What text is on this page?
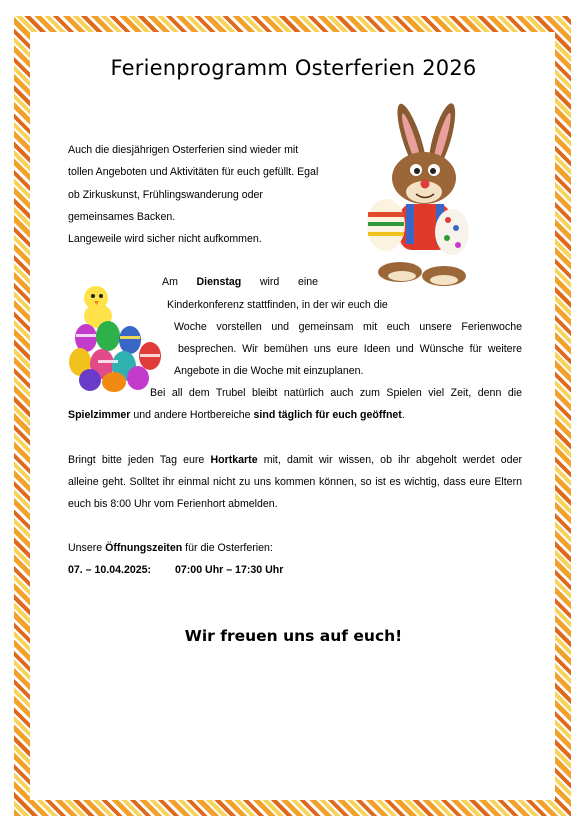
Ferienprogramm Osterferien 2026
Auch die diesjährigen Osterferien sind wieder mit
tollen Angeboten und Aktivitäten für euch gefüllt. Egal
ob Zirkuskunst, Frühlingswanderung oder
gemeinsames Backen.
Langeweile wird sicher nicht aufkommen.
Am Dienstag wird eine
Kinderkonferenz stattfinden, in der wir euch die
Woche vorstellen und gemeinsam mit euch unsere Ferienwoche
besprechen. Wir bemühen uns eure Ideen und Wünsche für weitere
Angebote in die Woche mit einzuplanen.
Bei all dem Trubel bleibt natürlich auch zum Spielen viel Zeit, denn die
Spielzimmer und andere Hortbereiche sind täglich für euch geöffnet.
Bringt bitte jeden Tag eure Hortkarte mit, damit wir wissen, ob ihr abgeholt werdet oder
alleine geht. Solltet ihr einmal nicht zu uns kommen können, so ist es wichtig, dass eure Eltern
euch bis 8:00 Uhr vom Ferienhort abmelden.
Unsere Öffnungszeiten für die Osterferien:
07. – 10.04.2025: 07:00 Uhr – 17:30 Uhr
Wir freuen uns auf euch!
